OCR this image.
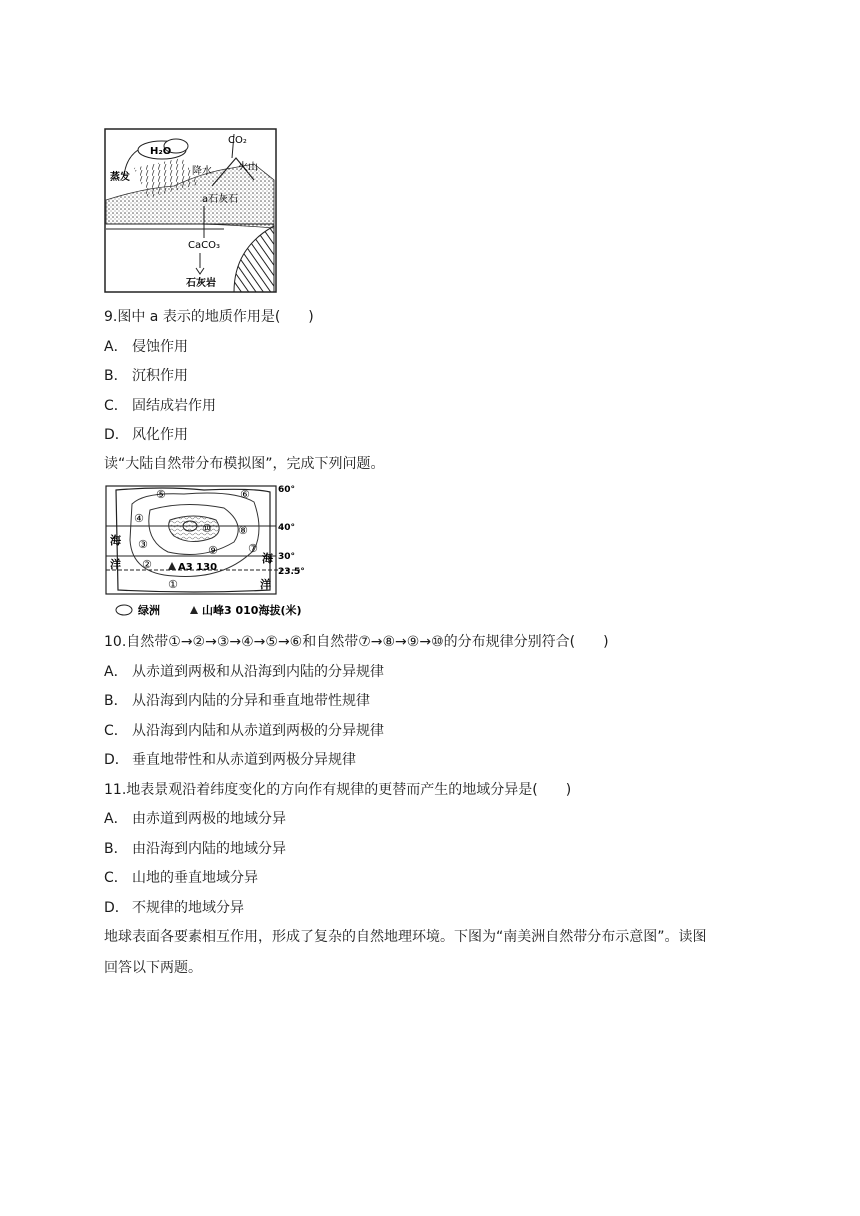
H₂O
CO₂
火山
蒸发
降水
a石灰石
CaCO₃
石灰岩
9.图中 a 表示的地质作用是(　　)
A． 侵蚀作用
B． 沉积作用
C． 固结成岩作用
D． 风化作用
读“大陆自然带分布模拟图”，完成下列问题。
60°
40°
30°
23.5°
海
洋	海
洋
①
②
③
④
⑤	⑥
⑦
⑧
⑨
⑩
A3 130
绿洲	山峰3 010海拔(米)
10.自然带①→②→③→④→⑤→⑥和自然带⑦→⑧→⑨→⑩的分布规律分别符合(　　)
A． 从赤道到两极和从沿海到内陆的分异规律
B． 从沿海到内陆的分异和垂直地带性规律
C． 从沿海到内陆和从赤道到两极的分异规律
D． 垂直地带性和从赤道到两极分异规律
11.地表景观沿着纬度变化的方向作有规律的更替而产生的地域分异是(　　)
A． 由赤道到两极的地域分异
B． 由沿海到内陆的地域分异
C． 山地的垂直地域分异
D． 不规律的地域分异
地球表面各要素相互作用，形成了复杂的自然地理环境。下图为“南美洲自然带分布示意图”。读图
回答以下两题。
